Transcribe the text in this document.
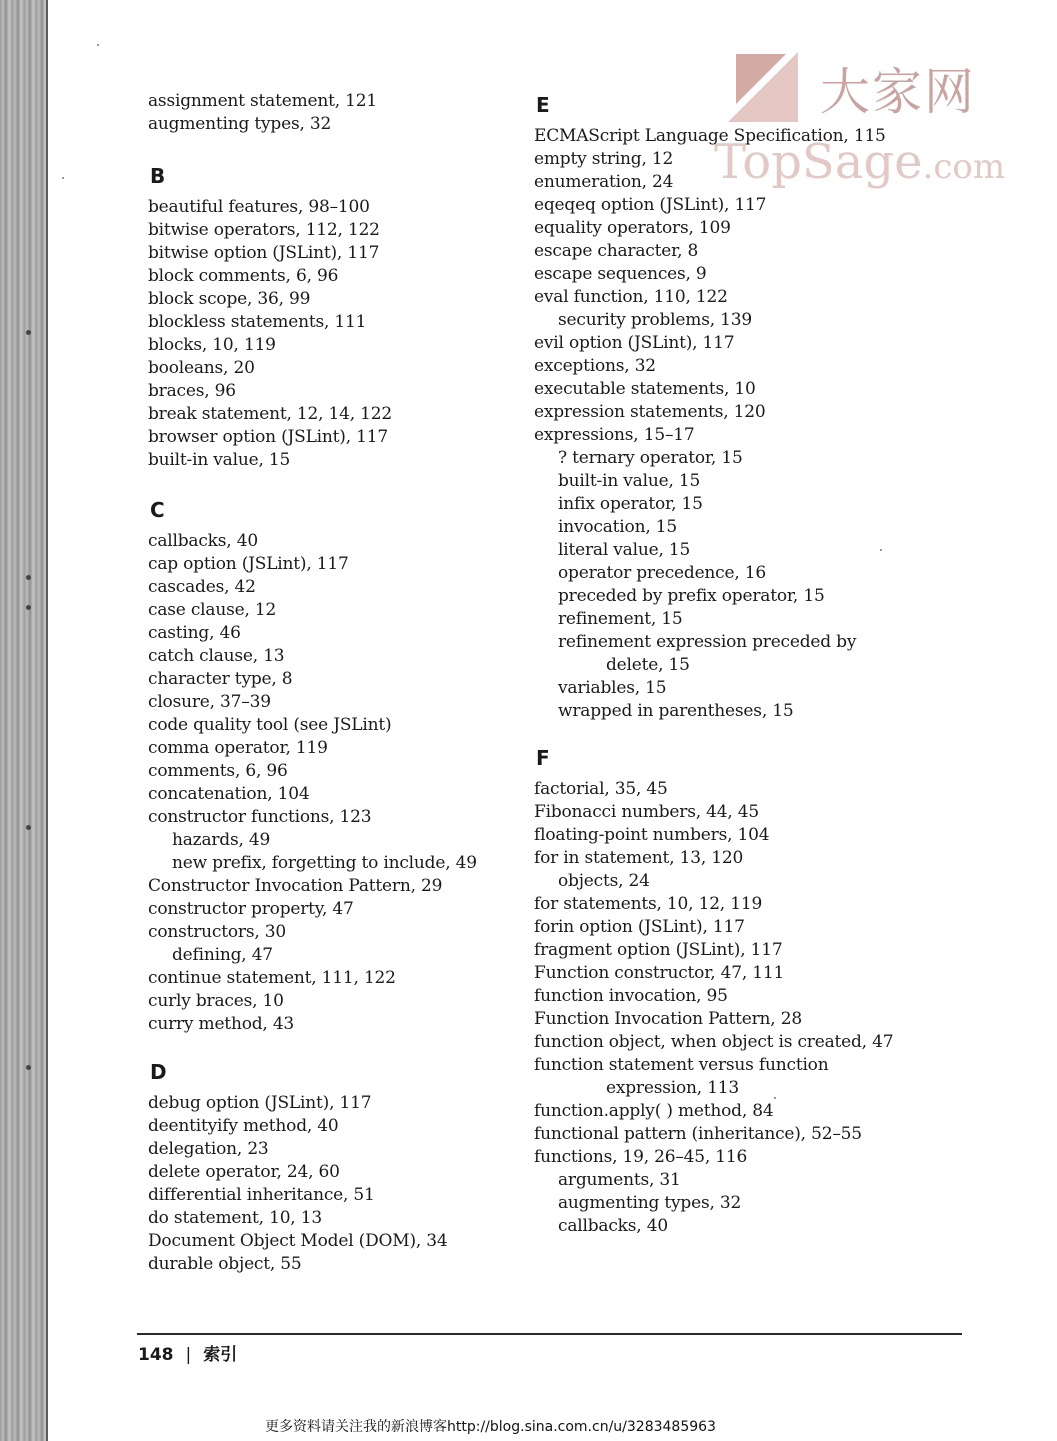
大家网
TopSage.com
assignment statement, 121
augmenting types, 32
B
beautiful features, 98–100
bitwise operators, 112, 122
bitwise option (JSLint), 117
block comments, 6, 96
block scope, 36, 99
blockless statements, 111
blocks, 10, 119
booleans, 20
braces, 96
break statement, 12, 14, 122
browser option (JSLint), 117
built-in value, 15
C
callbacks, 40
cap option (JSLint), 117
cascades, 42
case clause, 12
casting, 46
catch clause, 13
character type, 8
closure, 37–39
code quality tool (see JSLint)
comma operator, 119
comments, 6, 96
concatenation, 104
constructor functions, 123
hazards, 49
new prefix, forgetting to include, 49
Constructor Invocation Pattern, 29
constructor property, 47
constructors, 30
defining, 47
continue statement, 111, 122
curly braces, 10
curry method, 43
D
debug option (JSLint), 117
deentityify method, 40
delegation, 23
delete operator, 24, 60
differential inheritance, 51
do statement, 10, 13
Document Object Model (DOM), 34
durable object, 55
E
ECMAScript Language Specification, 115
empty string, 12
enumeration, 24
eqeqeq option (JSLint), 117
equality operators, 109
escape character, 8
escape sequences, 9
eval function, 110, 122
security problems, 139
evil option (JSLint), 117
exceptions, 32
executable statements, 10
expression statements, 120
expressions, 15–17
? ternary operator, 15
built-in value, 15
infix operator, 15
invocation, 15
literal value, 15
operator precedence, 16
preceded by prefix operator, 15
refinement, 15
refinement expression preceded by
delete, 15
variables, 15
wrapped in parentheses, 15
F
factorial, 35, 45
Fibonacci numbers, 44, 45
floating-point numbers, 104
for in statement, 13, 120
objects, 24
for statements, 10, 12, 119
forin option (JSLint), 117
fragment option (JSLint), 117
Function constructor, 47, 111
function invocation, 95
Function Invocation Pattern, 28
function object, when object is created, 47
function statement versus function
expression, 113
function.apply( ) method, 84
functional pattern (inheritance), 52–55
functions, 19, 26–45, 116
arguments, 31
augmenting types, 32
callbacks, 40
148 | 索引
更多资料请关注我的新浪博客http://blog.sina.com.cn/u/3283485963
